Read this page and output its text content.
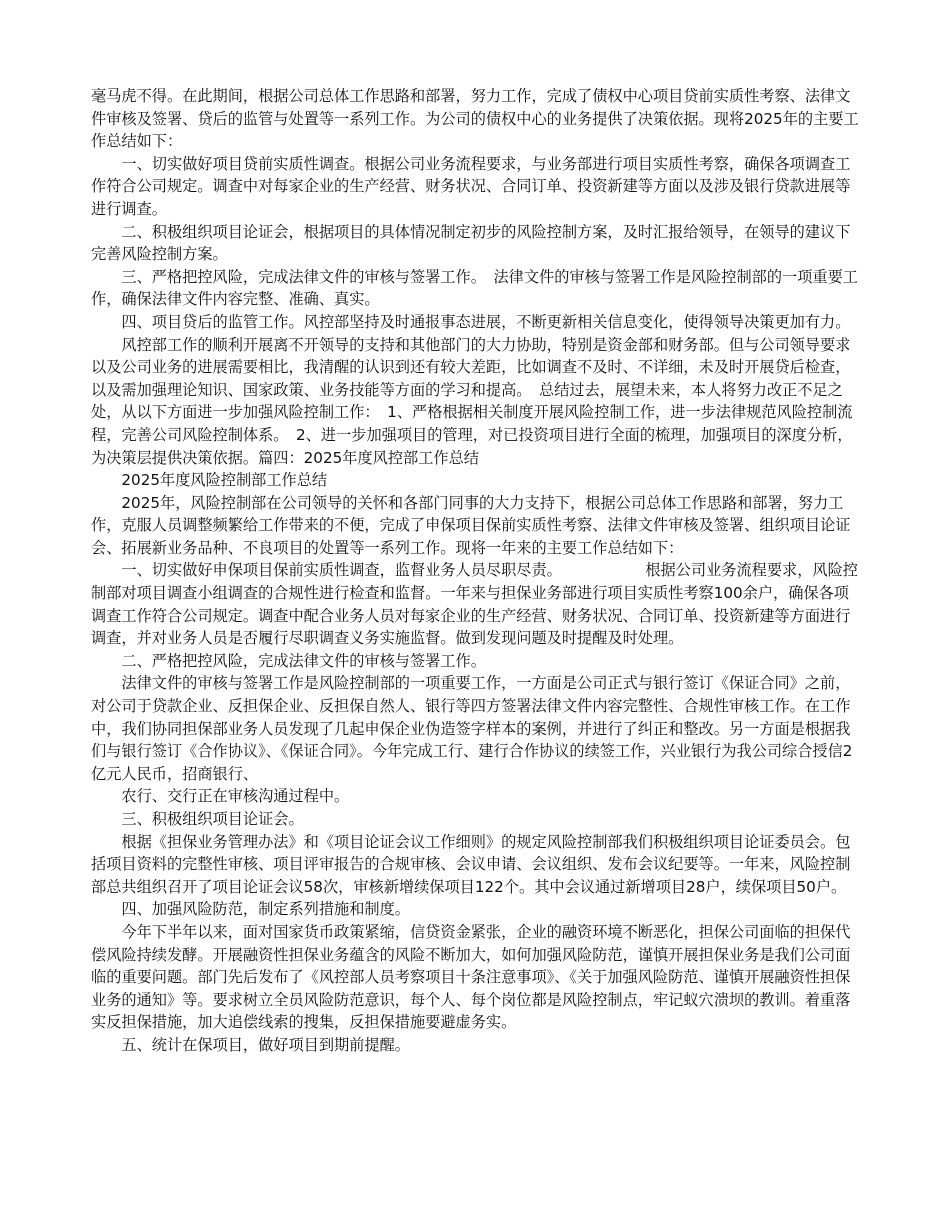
毫马虎不得。在此期间，根据公司总体工作思路和部署，努力工作，完成了债权中心项目贷前实质性考察、法律文件审核及签署、贷后的监管与处置等一系列工作。为公司的债权中心的业务提供了决策依据。现将2025年的主要工作总结如下：

一、切实做好项目贷前实质性调查。根据公司业务流程要求，与业务部进行项目实质性考察，确保各项调查工作符合公司规定。调查中对每家企业的生产经营、财务状况、合同订单、投资新建等方面以及涉及银行贷款进展等进行调查。

二、积极组织项目论证会，根据项目的具体情况制定初步的风险控制方案，及时汇报给领导，在领导的建议下完善风险控制方案。

三、严格把控风险，完成法律文件的审核与签署工作。　法律文件的审核与签署工作是风险控制部的一项重要工作，确保法律文件内容完整、准确、真实。

四、项目贷后的监管工作。风控部坚持及时通报事态进展，不断更新相关信息变化，使得领导决策更加有力。

风控部工作的顺利开展离不开领导的支持和其他部门的大力协助，特别是资金部和财务部。但与公司领导要求以及公司业务的进展需要相比，我清醒的认识到还有较大差距，比如调查不及时、不详细，未及时开展贷后检查，以及需加强理论知识、国家政策、业务技能等方面的学习和提高。　总结过去，展望未来，本人将努力改正不足之处，从以下方面进一步加强风险控制工作：　1、严格根据相关制度开展风险控制工作，进一步法律规范风险控制流程，完善公司风险控制体系。　2、进一步加强项目的管理，对已投资项目进行全面的梳理，加强项目的深度分析，为决策层提供决策依据。篇四：2025年度风控部工作总结

2025年度风险控制部工作总结

2025年，风险控制部在公司领导的关怀和各部门同事的大力支持下，根据公司总体工作思路和部署，努力工作，克服人员调整频繁给工作带来的不便，完成了申保项目保前实质性考察、法律文件审核及签署、组织项目论证会、拓展新业务品种、不良项目的处置等一系列工作。现将一年来的主要工作总结如下：

一、切实做好申保项目保前实质性调查，监督业务人员尽职尽责。　　　　　　根据公司业务流程要求，风险控制部对项目调查小组调查的合规性进行检查和监督。一年来与担保业务部进行项目实质性考察100余户，确保各项调查工作符合公司规定。调查中配合业务人员对每家企业的生产经营、财务状况、合同订单、投资新建等方面进行调查，并对业务人员是否履行尽职调查义务实施监督。做到发现问题及时提醒及时处理。

二、严格把控风险，完成法律文件的审核与签署工作。

法律文件的审核与签署工作是风险控制部的一项重要工作，一方面是公司正式与银行签订《保证合同》之前，对公司于贷款企业、反担保企业、反担保自然人、银行等四方签署法律文件内容完整性、合规性审核工作。在工作中，我们协同担保部业务人员发现了几起申保企业伪造签字样本的案例，并进行了纠正和整改。另一方面是根据我们与银行签订《合作协议》、《保证合同》。今年完成工行、建行合作协议的续签工作，兴业银行为我公司综合授信2亿元人民币，招商银行、

农行、交行正在审核沟通过程中。

三、积极组织项目论证会。

根据《担保业务管理办法》和《项目论证会议工作细则》的规定风险控制部我们积极组织项目论证委员会。包括项目资料的完整性审核、项目评审报告的合规审核、会议申请、会议组织、发布会议纪要等。一年来，风险控制部总共组织召开了项目论证会议58次，审核新增续保项目122个。其中会议通过新增项目28户，续保项目50户。

四、加强风险防范，制定系列措施和制度。

今年下半年以来，面对国家货币政策紧缩，信贷资金紧张，企业的融资环境不断恶化，担保公司面临的担保代偿风险持续发酵。开展融资性担保业务蕴含的风险不断加大，如何加强风险防范，谨慎开展担保业务是我们公司面临的重要问题。部门先后发布了《风控部人员考察项目十条注意事项》、《关于加强风险防范、谨慎开展融资性担保业务的通知》等。要求树立全员风险防范意识，每个人、每个岗位都是风险控制点，牢记蚁穴溃坝的教训。着重落实反担保措施，加大追偿线索的搜集，反担保措施要避虚务实。

五、统计在保项目，做好项目到期前提醒。
